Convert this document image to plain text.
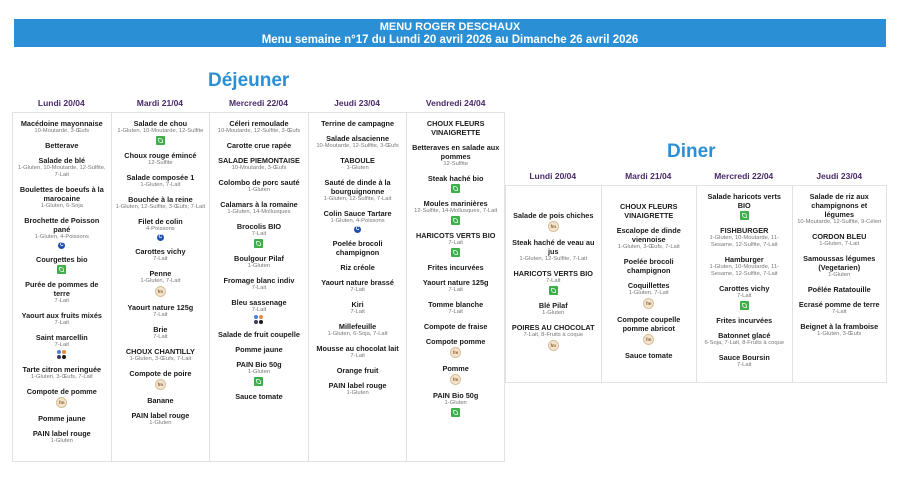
MENU ROGER DESCHAUX
Menu semaine n°17 du Lundi 20 avril 2026 au Dimanche 26 avril 2026
Déjeuner
Lundi 20/04
Macédoine mayonnaise
10-Moutarde, 3-Œufs
Betterave
Salade de blé
1-Gluten, 10-Moutarde, 12-Sulfite, 7-Lait
Boulettes de boeufs à la marocaine
1-Gluten, 6-Soja
Brochette de Poisson pané
1-Gluten, 4-Poissons
C
Courgettes bio
Purée de pommes de terre
7-Lait
Yaourt aux fruits mixés
7-Lait
Saint marcellin
7-Lait
Tarte citron meringuée
1-Gluten, 3-Œufs, 7-Lait
Compote de pomme
fm
Pomme jaune
PAIN label rouge
1-Gluten
Mardi 21/04
Salade de chou
1-Gluten, 10-Moutarde, 12-Sulfite
Choux rouge émincé
12-Sulfite
Salade composée 1
1-Gluten, 7-Lait
Bouchée à la reine
1-Gluten, 12-Sulfite, 3-Œufs, 7-Lait
Filet de colin
4-Poissons
C
Carottes vichy
7-Lait
Penne
1-Gluten, 7-Lait
fm
Yaourt nature 125g
7-Lait
Brie
7-Lait
CHOUX CHANTILLY
1-Gluten, 3-Œufs, 7-Lait
Compote de poire
fm
Banane
PAIN label rouge
1-Gluten
Mercredi 22/04
Céleri remoulade
10-Moutarde, 12-Sulfite, 3-Œufs
Carotte crue rapée
SALADE PIEMONTAISE
10-Moutarde, 3-Œufs
Colombo de porc sauté
1-Gluten
Calamars à la romaine
1-Gluten, 14-Mollusques
Brocolis BIO
7-Lait
Boulgour Pilaf
1-Gluten
Fromage blanc indiv
7-Lait
Bleu sassenage
7-Lait
Salade de fruit coupelle
Pomme jaune
PAIN Bio 50g
1-Gluten
Sauce tomate
Jeudi 23/04
Terrine de campagne
Salade alsacienne
10-Moutarde, 12-Sulfite, 3-Œufs
TABOULE
1-Gluten
Sauté de dinde à la bourguignonne
1-Gluten, 12-Sulfite, 7-Lait
Colin Sauce Tartare
1-Gluten, 4-Poissons
C
Poelée brocoli champignon
Riz créole
Yaourt nature brassé
7-Lait
Kiri
7-Lait
Millefeuille
1-Gluten, 6-Soja, 7-Lait
Mousse au chocolat lait
7-Lait
Orange fruit
PAIN label rouge
1-Gluten
Vendredi 24/04
CHOUX FLEURS VINAIGRETTE
Betteraves en salade aux pommes
12-Sulfite
Steak haché bio
Moules marinières
12-Sulfite, 14-Mollusques, 7-Lait
HARICOTS VERTS BIO
7-Lait
Frites incurvées
Yaourt nature 125g
7-Lait
Tomme blanche
7-Lait
Compote de fraise
Compote pomme
fm
Pomme
fm
PAIN Bio 50g
1-Gluten
Diner
Lundi 20/04
Salade de pois chiches
fm
Steak haché de veau au jus
1-Gluten, 12-Sulfite, 7-Lait
HARICOTS VERTS BIO
7-Lait
Blé Pilaf
1-Gluten
POIRES AU CHOCOLAT
7-Lait, 8-Fruits à coque
fm
Mardi 21/04
CHOUX FLEURS VINAIGRETTE
Escalope de dinde viennoise
1-Gluten, 3-Œufs, 7-Lait
Poelée brocoli champignon
Coquillettes
1-Gluten, 7-Lait
fm
Compote coupelle pomme abricot
fm
Sauce tomate
Mercredi 22/04
Salade haricots verts BIO
FISHBURGER
1-Gluten, 10-Moutarde, 11-Sesame, 12-Sulfite, 7-Lait
Hamburger
1-Gluten, 10-Moutarde, 11-Sesame, 12-Sulfite, 7-Lait
Carottes vichy
7-Lait
Frites incurvées
Batonnet glacé
6-Soja, 7-Lait, 8-Fruits à coque
Sauce Boursin
7-Lait
Jeudi 23/04
Salade de riz aux champignons et légumes
10-Moutarde, 12-Sulfite, 9-Céleri
CORDON BLEU
1-Gluten, 7-Lait
Samoussas légumes (Vegetarien)
1-Gluten
Poêlée Ratatouille
Ecrasé pomme de terre
7-Lait
Beignet à la framboise
1-Gluten, 3-Œufs
